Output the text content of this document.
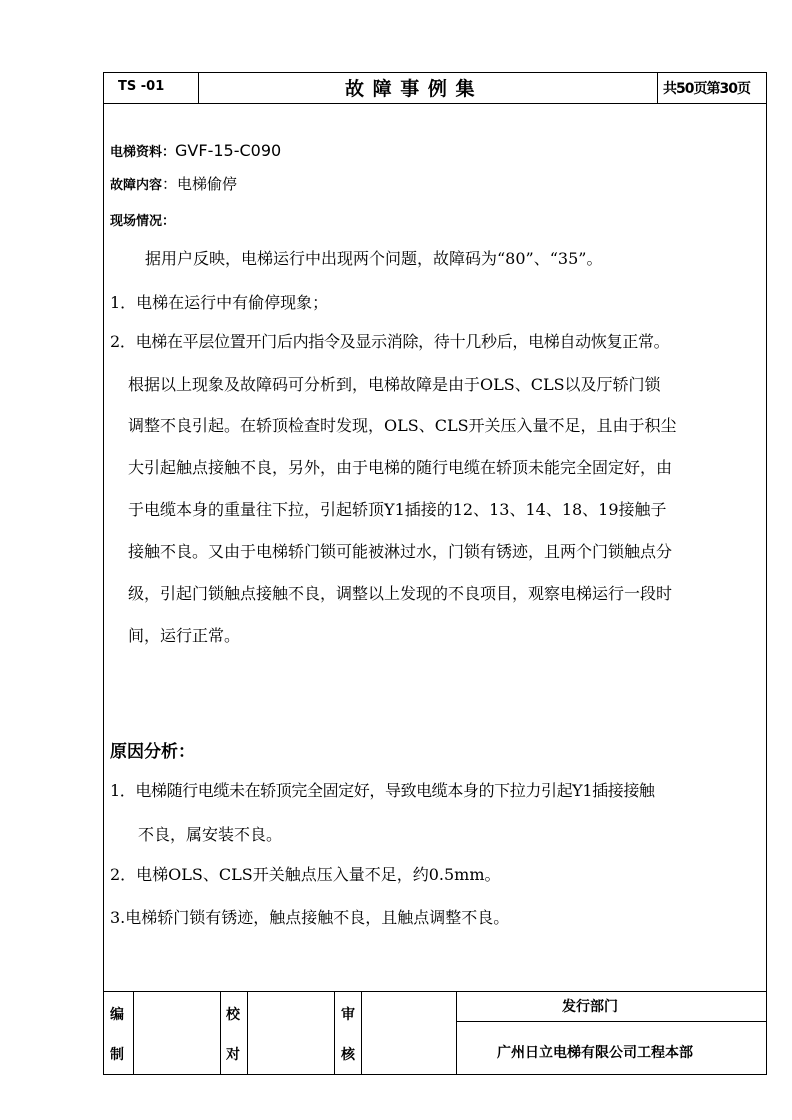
TS -01	故 障 事 例 集	共50页第30页
电梯资料：GVF-15-C090
故障内容：电梯偷停
现场情况：
据用户反映，电梯运行中出现两个问题，故障码为“80”、“35”。
1．电梯在运行中有偷停现象；
2．电梯在平层位置开门后内指令及显示消除，待十几秒后，电梯自动恢复正常。
根据以上现象及故障码可分析到，电梯故障是由于OLS、CLS以及厅轿门锁
调整不良引起。在轿顶检查时发现，OLS、CLS开关压入量不足，且由于积尘
大引起触点接触不良，另外，由于电梯的随行电缆在轿顶未能完全固定好，由
于电缆本身的重量往下拉，引起轿顶Y1插接的12、13、14、18、19接触子
接触不良。又由于电梯轿门锁可能被淋过水，门锁有锈迹，且两个门锁触点分
级，引起门锁触点接触不良，调整以上发现的不良项目，观察电梯运行一段时
间，运行正常。
原因分析：
1．电梯随行电缆未在轿顶完全固定好，导致电缆本身的下拉力引起Y1插接接触
不良，属安装不良。
2．电梯OLS、CLS开关触点压入量不足，约0.5mm。
3.电梯轿门锁有锈迹，触点接触不良，且触点调整不良。
编
制
校
对
审
核
发行部门
广州日立电梯有限公司工程本部
